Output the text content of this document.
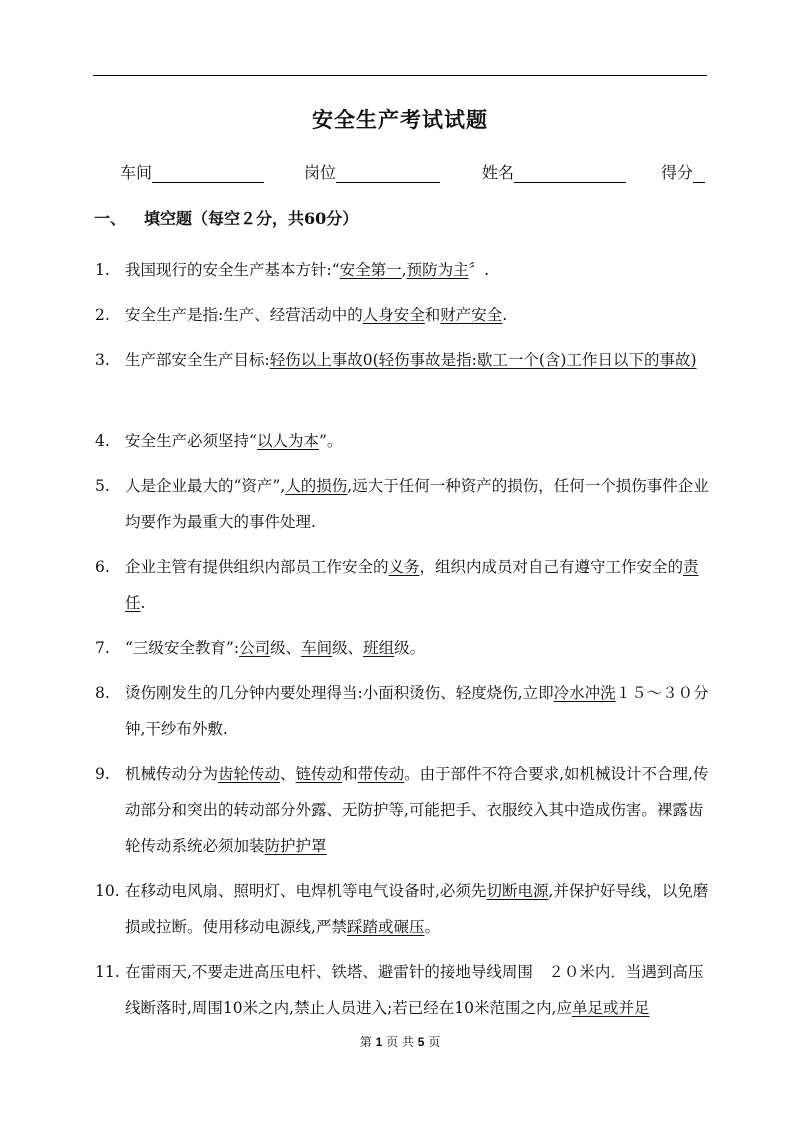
安全生产考试试题
车间	岗位	姓名	得分
一、 填空题（每空２分，共60分）
1. 我国现行的安全生产基本方针:“安全第一,预防为主〞.
2. 安全生产是指:生产、经营活动中的人身安全和财产安全.
3. 生产部安全生产目标:轻伤以上事故0(轻伤事故是指:歇工一个(含)工作日以下的事故)
4. 安全生产必须坚持“以人为本”。
5. 人是企业最大的“资产”,人的损伤,远大于任何一种资产的损伤，任何一个损伤事件企业均要作为最重大的事件处理.
6. 企业主管有提供组织内部员工作安全的义务，组织内成员对自己有遵守工作安全的责任.
7. “三级安全教育”:公司级、车间级、班组级。
8. 烫伤刚发生的几分钟内要处理得当:小面积烫伤、轻度烧伤,立即冷水冲洗１５～３０分钟,干纱布外敷.
9. 机械传动分为齿轮传动、链传动和带传动。由于部件不符合要求,如机械设计不合理,传动部分和突出的转动部分外露、无防护等,可能把手、衣服绞入其中造成伤害。裸露齿轮传动系统必须加装防护护罩
10. 在移动电风扇、照明灯、电焊机等电气设备时,必须先切断电源,并保护好导线，以免磨损或拉断。使用移动电源线,严禁踩踏或碾压。
11. 在雷雨天,不要走进高压电杆、铁塔、避雷针的接地导线周围　２０米内．当遇到高压线断落时,周围10米之内,禁止人员进入;若已经在10米范围之内,应单足或并足
第 1 页 共 5 页
